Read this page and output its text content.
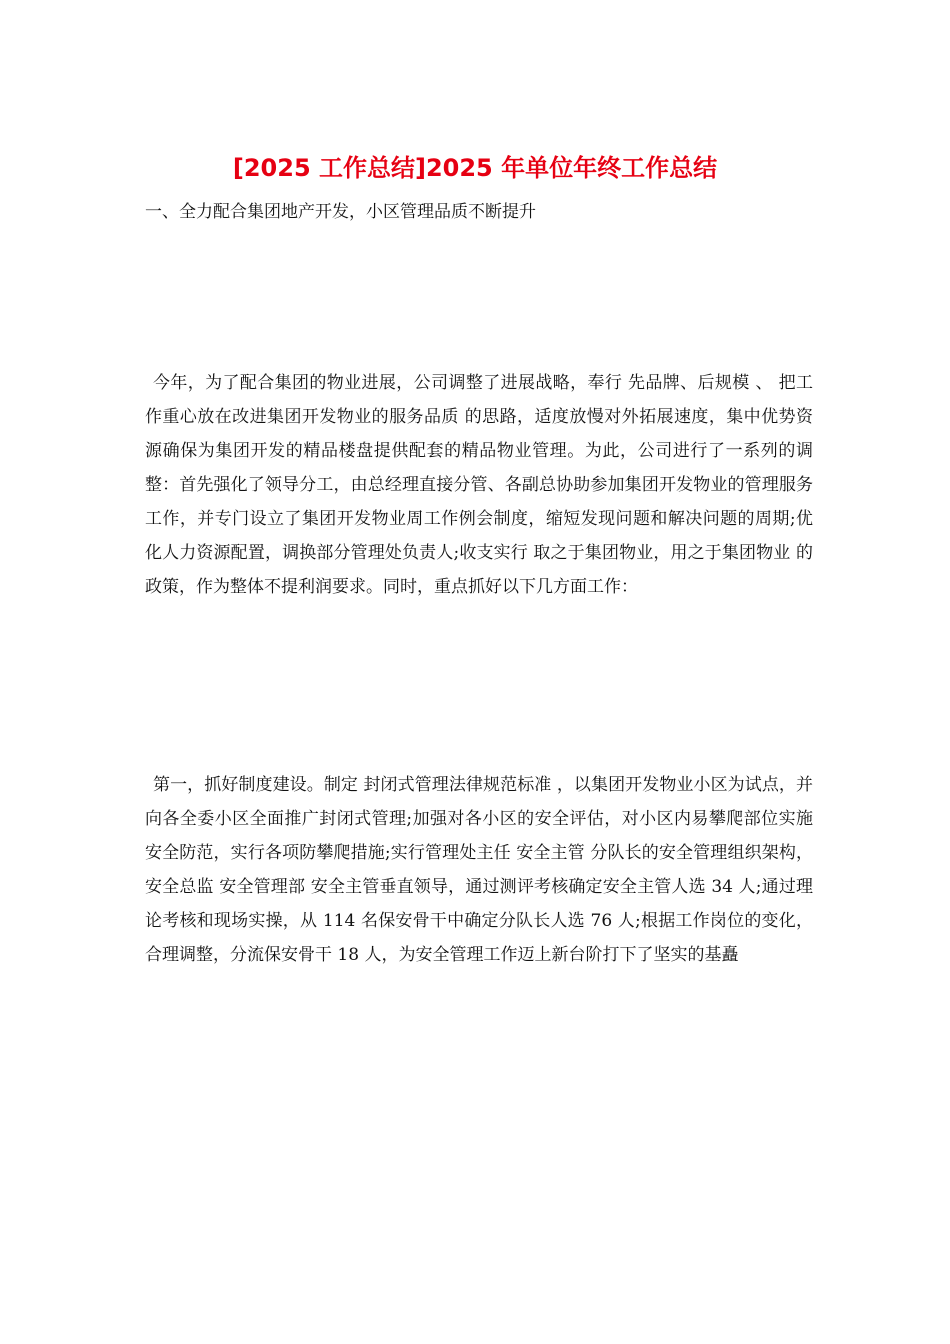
[2025 工作总结]2025 年单位年终工作总结

一、全力配合集团地产开发，小区管理品质不断提升

今年，为了配合集团的物业进展，公司调整了进展战略，奉行 先品牌、后规模 、 把工作重心放在改进集团开发物业的服务品质 的思路，适度放慢对外拓展速度，集中优势资源确保为集团开发的精品楼盘提供配套的精品物业管理。为此，公司进行了一系列的调整：首先强化了领导分工，由总经理直接分管、各副总协助参加集团开发物业的管理服务工作，并专门设立了集团开发物业周工作例会制度，缩短发现问题和解决问题的周期;优化人力资源配置，调换部分管理处负责人;收支实行 取之于集团物业，用之于集团物业 的政策，作为整体不提利润要求。同时，重点抓好以下几方面工作：

第一，抓好制度建设。制定 封闭式管理法律规范标准 ，以集团开发物业小区为试点，并向各全委小区全面推广封闭式管理;加强对各小区的安全评估，对小区内易攀爬部位实施安全防范，实行各项防攀爬措施;实行管理处主任 安全主管 分队长的安全管理组织架构，安全总监 安全管理部 安全主管垂直领导，通过测评考核确定安全主管人选 34 人;通过理论考核和现场实操，从 114 名保安骨干中确定分队长人选 76 人;根据工作岗位的变化，合理调整，分流保安骨干 18 人，为安全管理工作迈上新台阶打下了坚实的基矗
